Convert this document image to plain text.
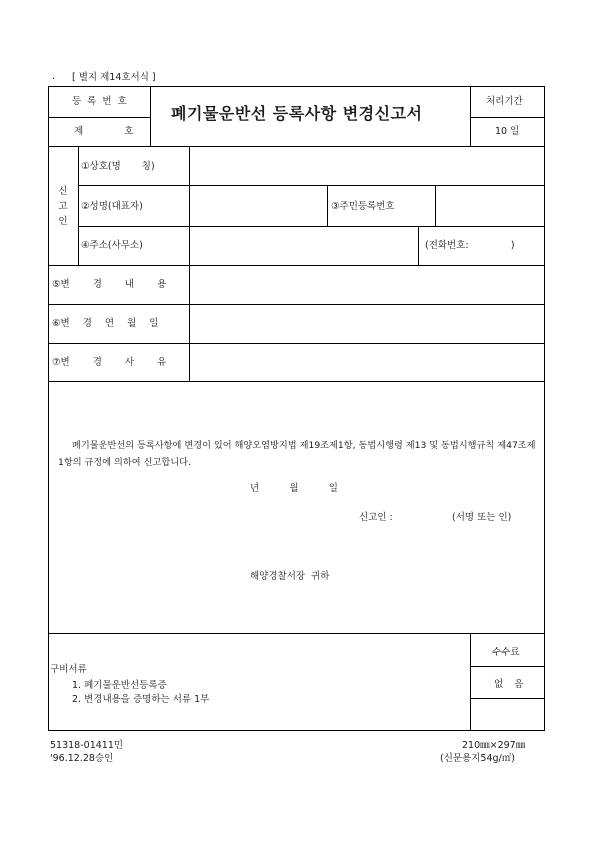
. [ 별지 제14호서식 ]
등록번호
제 호
폐기물운반선 등록사항 변경신고서
처리기간
10 일
신
고
인
①상호(명 칭)
②성명(대표자)	③주민등록번호
④주소(사무소)	(전화번호:              )
⑤변 경 내 용
⑥변 경 연 월 일
⑦변 경 사 유
폐기물운반선의 등록사항에 변경이 있어 해양오염방지법 제19조제1항, 동법시행령 제13 및 동법시행규칙 제47조제1항의 규정에 의하여 신고합니다.
년          월          일
신고인 :	(서명 또는 인)
해양경찰서장  귀하
구비서류
1. 폐기물운반선등록증
2. 변경내용을 증명하는 서류 1부
수수료
없 음
51318-01411민
'96.12.28승인
210㎜×297㎜
(신문용지54g/㎡)
